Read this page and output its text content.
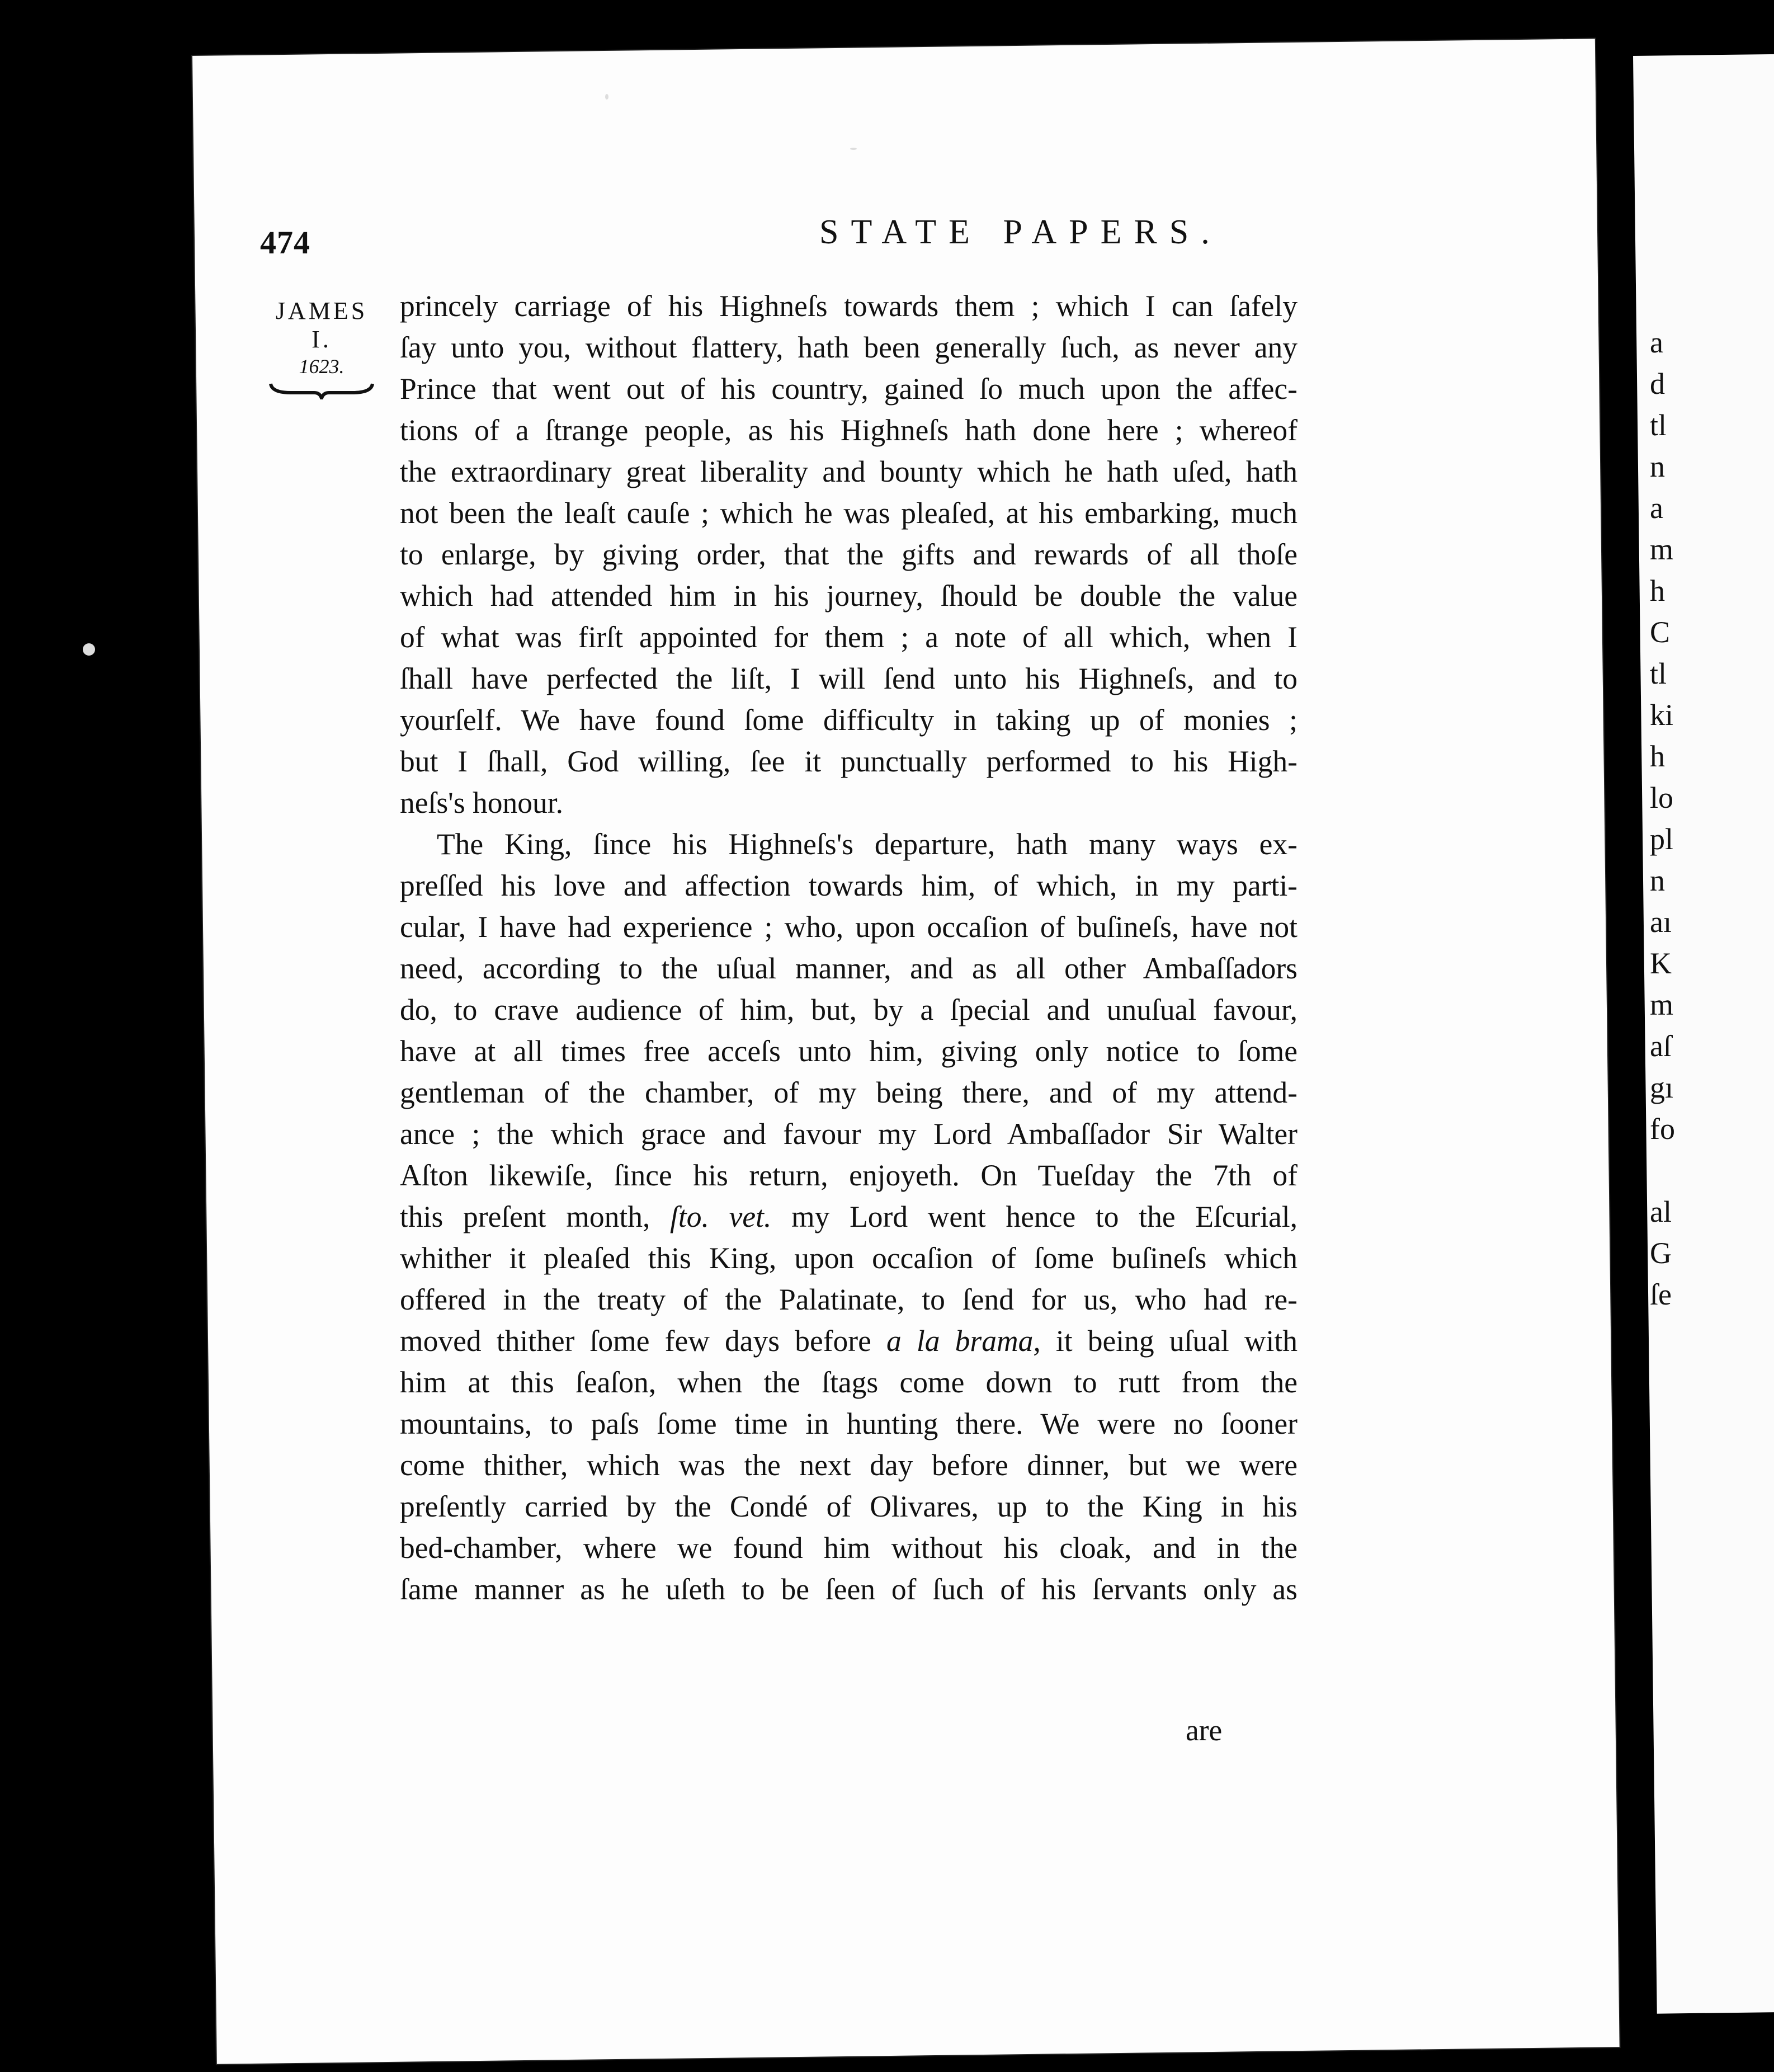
a
d
tl
n
a
m
h
C
tl
ki
h
lo
pl
n
aı
K
m
aſ
gı
fo
al
G
ſe
474	STATE PAPERS.
JAMES I.
1623.
princely carriage of his Highneſs towards them ; which I can ſafely
ſay unto you, without flattery, hath been generally ſuch, as never any
Prince that went out of his country, gained ſo much upon the affec-
tions of a ſtrange people, as his Highneſs hath done here ; whereof
the extraordinary great liberality and bounty which he hath uſed, hath
not been the leaſt cauſe ; which he was pleaſed, at his embarking, much
to enlarge, by giving order, that the gifts and rewards of all thoſe
which had attended him in his journey, ſhould be double the value
of what was firſt appointed for them ; a note of all which, when I
ſhall have perfected the liſt, I will ſend unto his Highneſs, and to
yourſelf. We have found ſome difficulty in taking up of monies ;
but I ſhall, God willing, ſee it punctually performed to his High-
neſs's honour.
The King, ſince his Highneſs's departure, hath many ways ex-
preſſed his love and affection towards him, of which, in my parti-
cular, I have had experience ; who, upon occaſion of buſineſs, have not
need, according to the uſual manner, and as all other Ambaſſadors
do, to crave audience of him, but, by a ſpecial and unuſual favour,
have at all times free acceſs unto him, giving only notice to ſome
gentleman of the chamber, of my being there, and of my attend-
ance ; the which grace and favour my Lord Ambaſſador Sir Walter
Aſton likewiſe, ſince his return, enjoyeth. On Tueſday the 7th of
this preſent month, ſto. vet. my Lord went hence to the Eſcurial,
whither it pleaſed this King, upon occaſion of ſome buſineſs which
offered in the treaty of the Palatinate, to ſend for us, who had re-
moved thither ſome few days before a la brama, it being uſual with
him at this ſeaſon, when the ſtags come down to rutt from the
mountains, to paſs ſome time in hunting there. We were no ſooner
come thither, which was the next day before dinner, but we were
preſently carried by the Condé of Olivares, up to the King in his
bed-chamber, where we found him without his cloak, and in the
ſame manner as he uſeth to be ſeen of ſuch of his ſervants only as
are
